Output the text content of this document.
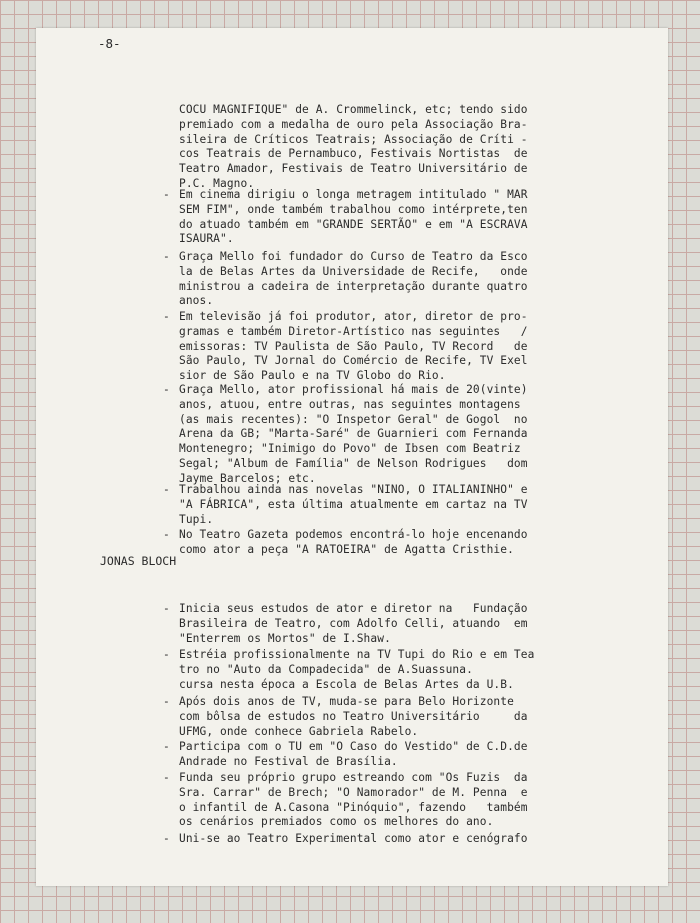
-8-
JONAS BLOCH
COCU MAGNIFIQUE" de A. Crommelinck, etc; tendo sido
premiado com a medalha de ouro pela Associação Bra-
sileira de Críticos Teatrais; Associação de Críti -
cos Teatrais de Pernambuco, Festivais Nortistas  de
Teatro Amador, Festivais de Teatro Universitário de
P.C. Magno.
- Em cinema dirigiu o longa metragem intitulado " MAR
SEM FIM", onde também trabalhou como intérprete,ten
do atuado também em "GRANDE SERTÃO" e em "A ESCRAVA
ISAURA".
- Graça Mello foi fundador do Curso de Teatro da Esco
la de Belas Artes da Universidade de Recife,   onde
ministrou a cadeira de interpretação durante quatro
anos.
- Em televisão já foi produtor, ator, diretor de pro-
gramas e também Diretor-Artístico nas seguintes   /
emissoras: TV Paulista de São Paulo, TV Record   de
São Paulo, TV Jornal do Comércio de Recife, TV Exel
sior de São Paulo e na TV Globo do Rio.
- Graça Mello, ator profissional há mais de 20(vinte)
anos, atuou, entre outras, nas seguintes montagens
(as mais recentes): "O Inspetor Geral" de Gogol  no
Arena da GB; "Marta-Saré" de Guarnieri com Fernanda
Montenegro; "Inimigo do Povo" de Ibsen com Beatriz
Segal; "Album de Família" de Nelson Rodrigues   dom
Jayme Barcelos; etc.
- Trabalhou ainda nas novelas "NINO, O ITALIANINHO" e
"A FÁBRICA", esta última atualmente em cartaz na TV
Tupi.
- No Teatro Gazeta podemos encontrá-lo hoje encenando
como ator a peça "A RATOEIRA" de Agatta Cristhie.
- Inicia seus estudos de ator e diretor na   Fundação
Brasileira de Teatro, com Adolfo Celli, atuando  em
"Enterrem os Mortos" de I.Shaw.
- Estréia profissionalmente na TV Tupi do Rio e em Tea
tro no "Auto da Compadecida" de A.Suassuna.
cursa nesta época a Escola de Belas Artes da U.B.
- Após dois anos de TV, muda-se para Belo Horizonte
com bôlsa de estudos no Teatro Universitário     da
UFMG, onde conhece Gabriela Rabelo.
- Participa com o TU em "O Caso do Vestido" de C.D.de
Andrade no Festival de Brasília.
- Funda seu próprio grupo estreando com "Os Fuzis  da
Sra. Carrar" de Brech; "O Namorador" de M. Penna  e
o infantil de A.Casona "Pinóquio", fazendo   também
os cenários premiados como os melhores do ano.
- Uni-se ao Teatro Experimental como ator e cenógrafo
